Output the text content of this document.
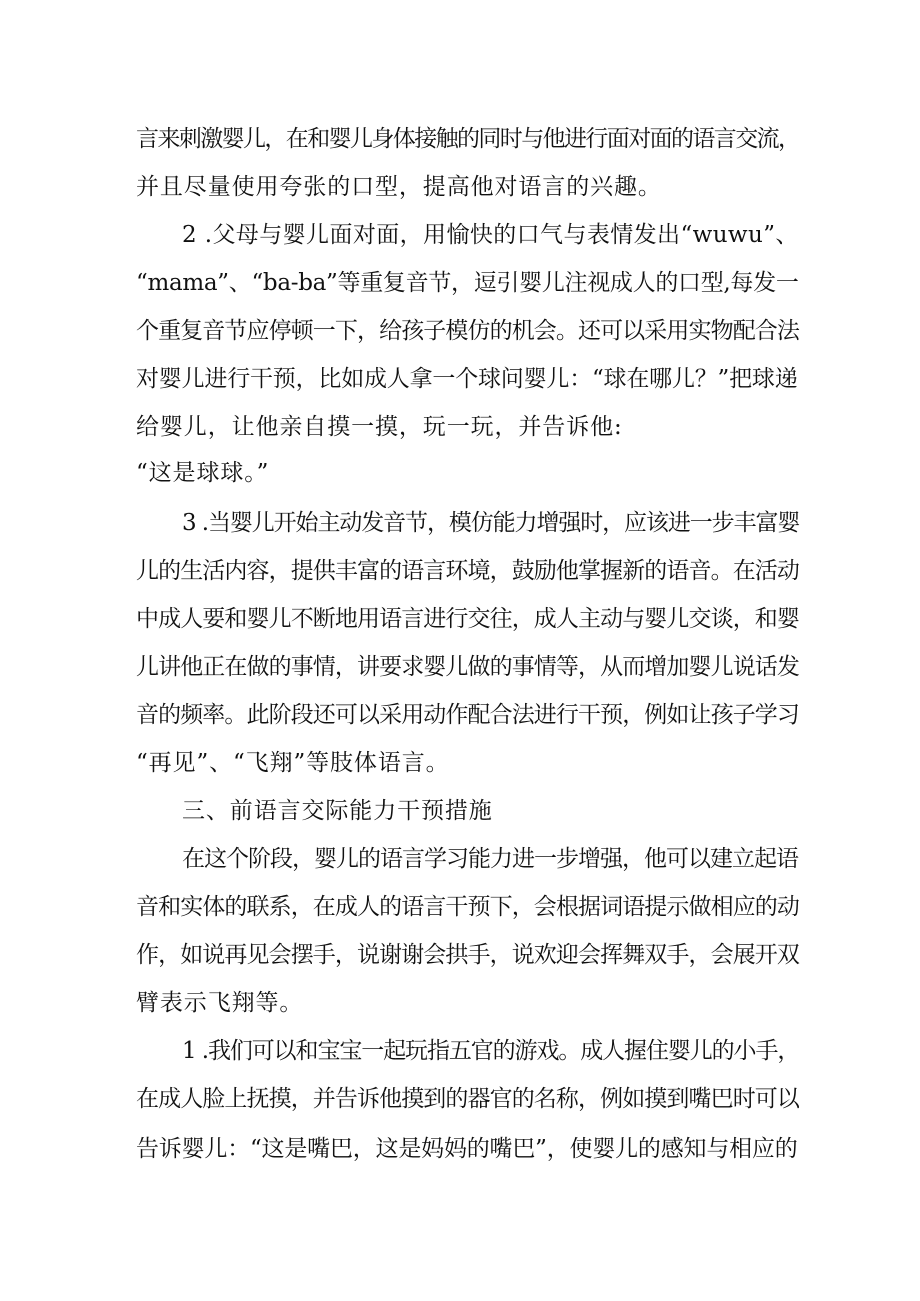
言来刺激婴儿，在和婴儿身体接触的同时与他进行面对面的语言交流，
并且尽量使用夸张的口型，提高他对语言的兴趣。
2 .父母与婴儿面对面，用愉快的口气与表情发出“wuwu”、
“mama”、“ba-ba”等重复音节，逗引婴儿注视成人的口型,每发一
个重复音节应停顿一下，给孩子模仿的机会。还可以采用实物配合法
对婴儿进行干预，比如成人拿一个球问婴儿：“球在哪儿？”把球递
给婴儿，让他亲自摸一摸，玩一玩，并告诉他:
“这是球球。”
3 .当婴儿开始主动发音节，模仿能力增强时，应该进一步丰富婴
儿的生活内容，提供丰富的语言环境，鼓励他掌握新的语音。在活动
中成人要和婴儿不断地用语言进行交往，成人主动与婴儿交谈，和婴
儿讲他正在做的事情，讲要求婴儿做的事情等，从而增加婴儿说话发
音的频率。此阶段还可以采用动作配合法进行干预，例如让孩子学习
“再见”、“飞翔”等肢体语言。
三、前语言交际能力干预措施
在这个阶段，婴儿的语言学习能力进一步增强，他可以建立起语
音和实体的联系，在成人的语言干预下，会根据词语提示做相应的动
作，如说再见会摆手，说谢谢会拱手，说欢迎会挥舞双手，会展开双
臂表示飞翔等。
1 .我们可以和宝宝一起玩指五官的游戏。成人握住婴儿的小手，
在成人脸上抚摸，并告诉他摸到的器官的名称，例如摸到嘴巴时可以
告诉婴儿：“这是嘴巴，这是妈妈的嘴巴”，使婴儿的感知与相应的
